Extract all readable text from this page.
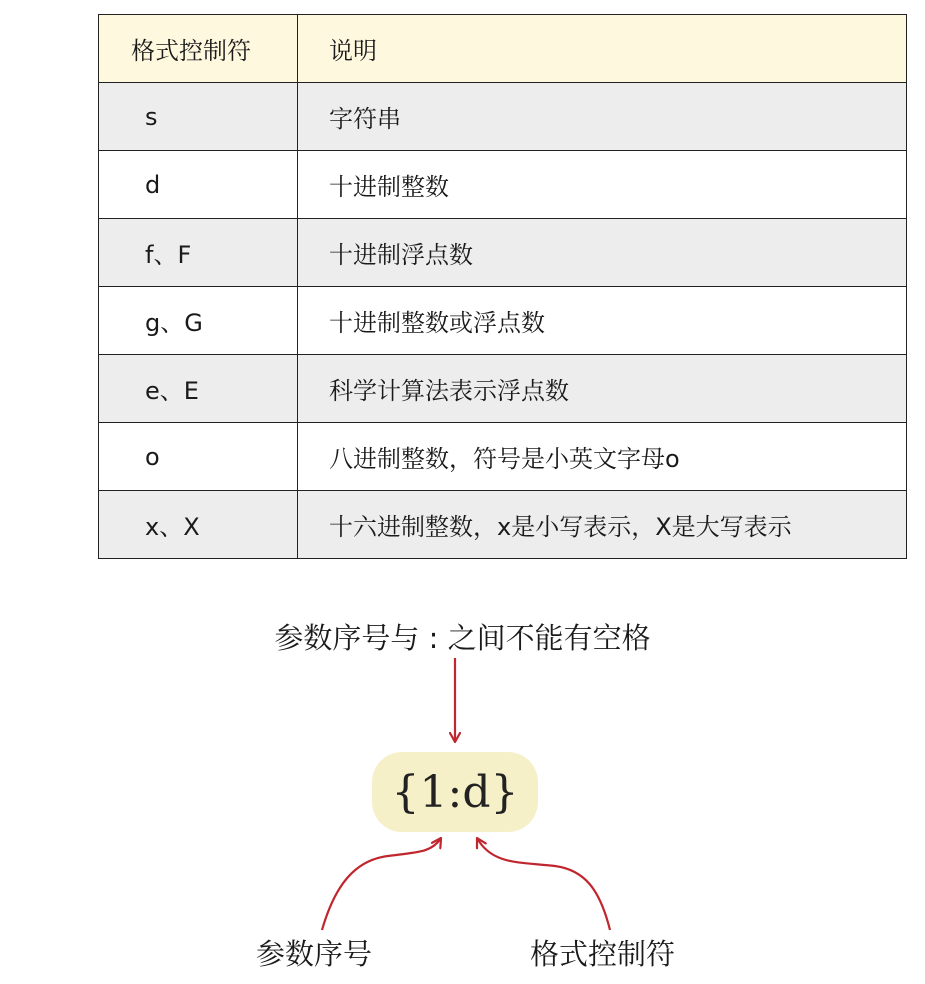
格式控制符	说明
s	字符串
d	十进制整数
f、F	十进制浮点数
g、G	十进制整数或浮点数
e、E	科学计算法表示浮点数
o	八进制整数，符号是小英文字母o
x、X	十六进制整数，x是小写表示，X是大写表示
参数序号与 : 之间不能有空格
{1:d}
参数序号	格式控制符
